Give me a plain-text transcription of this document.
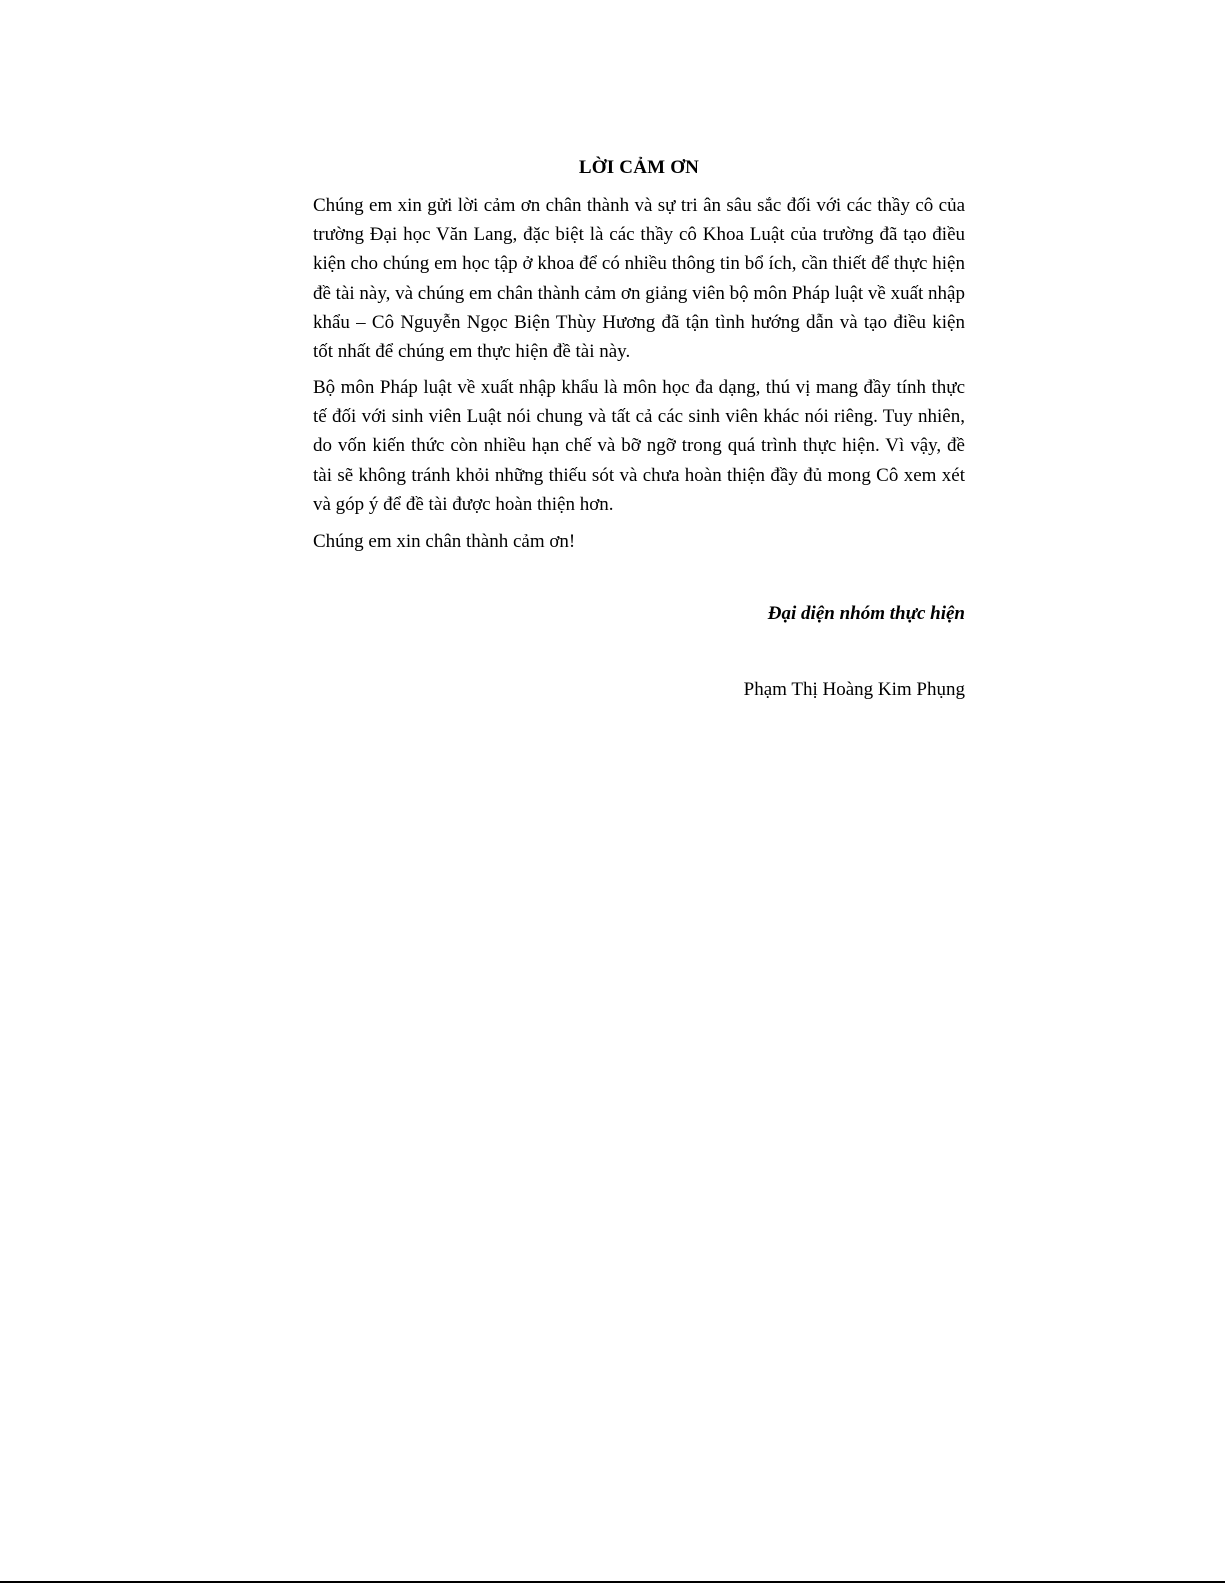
LỜI CẢM ƠN

Chúng em xin gửi lời cảm ơn chân thành và sự tri ân sâu sắc đối với các thầy cô của trường Đại học Văn Lang, đặc biệt là các thầy cô Khoa Luật của trường đã tạo điều kiện cho chúng em học tập ở khoa để có nhiều thông tin bổ ích, cần thiết để thực hiện đề tài này, và chúng em chân thành cảm ơn giảng viên bộ môn Pháp luật về xuất nhập khẩu – Cô Nguyễn Ngọc Biện Thùy Hương đã tận tình hướng dẫn và tạo điều kiện tốt nhất để chúng em thực hiện đề tài này.

Bộ môn Pháp luật về xuất nhập khẩu là môn học đa dạng, thú vị mang đầy tính thực tế đối với sinh viên Luật nói chung và tất cả các sinh viên khác nói riêng. Tuy nhiên, do vốn kiến thức còn nhiều hạn chế và bỡ ngỡ trong quá trình thực hiện. Vì vậy, đề tài sẽ không tránh khỏi những thiếu sót và chưa hoàn thiện đầy đủ mong Cô xem xét và góp ý để đề tài được hoàn thiện hơn.

Chúng em xin chân thành cảm ơn!

Đại diện nhóm thực hiện
Phạm Thị Hoàng Kim Phụng
